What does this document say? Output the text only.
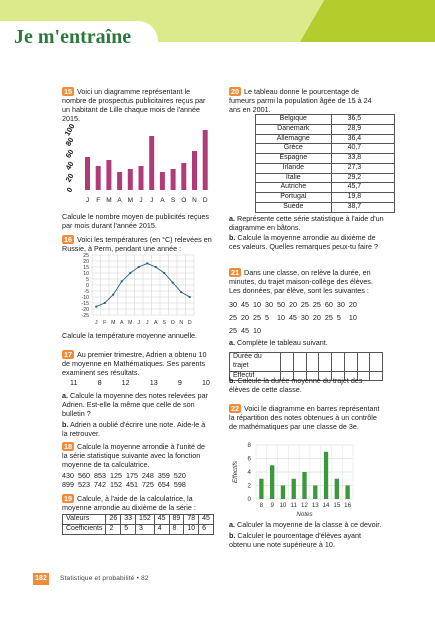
Je m'entraîne

15 Voici un diagramme représentant le nombre de prospectus publicitaires reçus par un habitant de Lille chaque mois de l'année 2015.

0
20
40
60
80
100
J F M A M J J A S O N D

Calcule le nombre moyen de publicités reçues par mois durant l'année 2015.

16 Voici les températures (en °C) relevées en Russie, à Perm, pendant une année :

25
20
15
10
5
0
-5
-10
-15
-20
-25
J F M A M J J A S O N D

Calcule la température moyenne annuelle.

17 Au premier trimestre, Adrien a obtenu 10 de moyenne en Mathématiques. Ses parents examinent ses résultats.

11	8	12	13	9	10

a. Calcule la moyenne des notes relevées par Adrien. Est-elle la même que celle de son bulletin ?

b. Adrien a oublié d'écrire une note. Aide-le à la retrouver.

18 Calcule la moyenne arrondie à l'unité de la série statistique suivante avec la fonction moyenne de ta calculatrice.

430  560  853  125  175  248  359  520

899  523  742  152  451  725  654  598

19 Calcule, à l'aide de la calculatrice, la moyenne arrondie au dixième de la série :

Valeurs	26	33	152	45	89	78	45
Coefficients	2	5	3	4	8	10	6

20 Le tableau donne le pourcentage de fumeurs parmi la population âgée de 15 à 24 ans en 2001.

Belgique	36,5
Danemark	28,9
Allemagne	36,4
Grèce	40,7
Espagne	33,8
Irlande	27,3
Italie	29,2
Autriche	45,7
Portugal	19,8
Suède	38,7

a. Représente cette série statistique à l'aide d'un diagramme en bâtons.

b. Calcule la moyenne arrondie au dixième de ces valeurs. Quelles remarques peux-tu faire ?

21 Dans une classe, on relève la durée, en minutes, du trajet maison-collège des élèves. Les données, par élève, sont les suivantes :

30  45  10  30  50  20  25  25  60  30  20

25  20  25  5    10  45  30  20  25  5    10

25  45  10

a. Complète le tableau suivant.

Durée du trajet								
Effectif								

b. Calcule la durée moyenne du trajet des élèves de cette classe.

22 Voici le diagramme en barres représentant la répartition des notes obtenues à un contrôle de mathématiques par une classe de 3e.

0
2
4
6
8
8 9 10 11 12 13 14 15 16
Notes
Effectifs

a. Calculer la moyenne de la classe à ce devoir.

b. Calculer le pourcentage d'élèves ayant obtenu une note supérieure à 10.

182	Statistique et probabilité • 82
